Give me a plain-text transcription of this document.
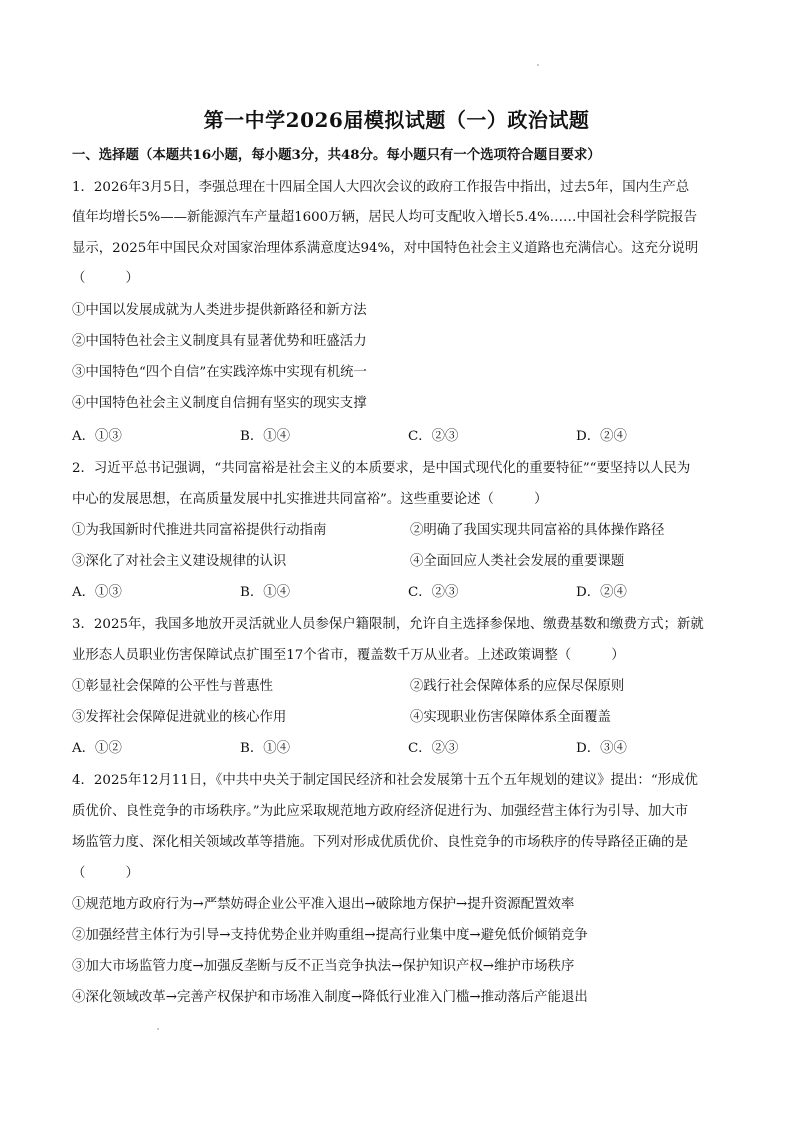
第一中学2026届模拟试题（一）政治试题
一、选择题（本题共16小题，每小题3分，共48分。每小题只有一个选项符合题目要求）
1．2026年3月5日，李强总理在十四届全国人大四次会议的政府工作报告中指出，过去5年，国内生产总
值年均增长5%——新能源汽车产量超1600万辆，居民人均可支配收入增长5.4%……中国社会科学院报告
显示，2025年中国民众对国家治理体系满意度达94%，对中国特色社会主义道路也充满信心。这充分说明
（　　　）
①中国以发展成就为人类进步提供新路径和新方法
②中国特色社会主义制度具有显著优势和旺盛活力
③中国特色“四个自信”在实践淬炼中实现有机统一
④中国特色社会主义制度自信拥有坚实的现实支撑
A．①③	B．①④	C．②③	D．②④
2．习近平总书记强调，“共同富裕是社会主义的本质要求，是中国式现代化的重要特征”“要坚持以人民为
中心的发展思想，在高质量发展中扎实推进共同富裕”。这些重要论述（　　　）
①为我国新时代推进共同富裕提供行动指南	②明确了我国实现共同富裕的具体操作路径
③深化了对社会主义建设规律的认识	④全面回应人类社会发展的重要课题
A．①③	B．①④	C．②③	D．②④
3．2025年，我国多地放开灵活就业人员参保户籍限制，允许自主选择参保地、缴费基数和缴费方式；新就
业形态人员职业伤害保障试点扩围至17个省市，覆盖数千万从业者。上述政策调整（　　　）
①彰显社会保障的公平性与普惠性	②践行社会保障体系的应保尽保原则
③发挥社会保障促进就业的核心作用	④实现职业伤害保障体系全面覆盖
A．①②	B．①④	C．②③	D．③④
4．2025年12月11日，《中共中央关于制定国民经济和社会发展第十五个五年规划的建议》提出：“形成优
质优价、良性竞争的市场秩序。”为此应采取规范地方政府经济促进行为、加强经营主体行为引导、加大市
场监管力度、深化相关领域改革等措施。下列对形成优质优价、良性竞争的市场秩序的传导路径正确的是
（　　　）
①规范地方政府行为→严禁妨碍企业公平准入退出→破除地方保护→提升资源配置效率
②加强经营主体行为引导→支持优势企业并购重组→提高行业集中度→避免低价倾销竞争
③加大市场监管力度→加强反垄断与反不正当竞争执法→保护知识产权→维护市场秩序
④深化领域改革→完善产权保护和市场准入制度→降低行业准入门槛→推动落后产能退出
